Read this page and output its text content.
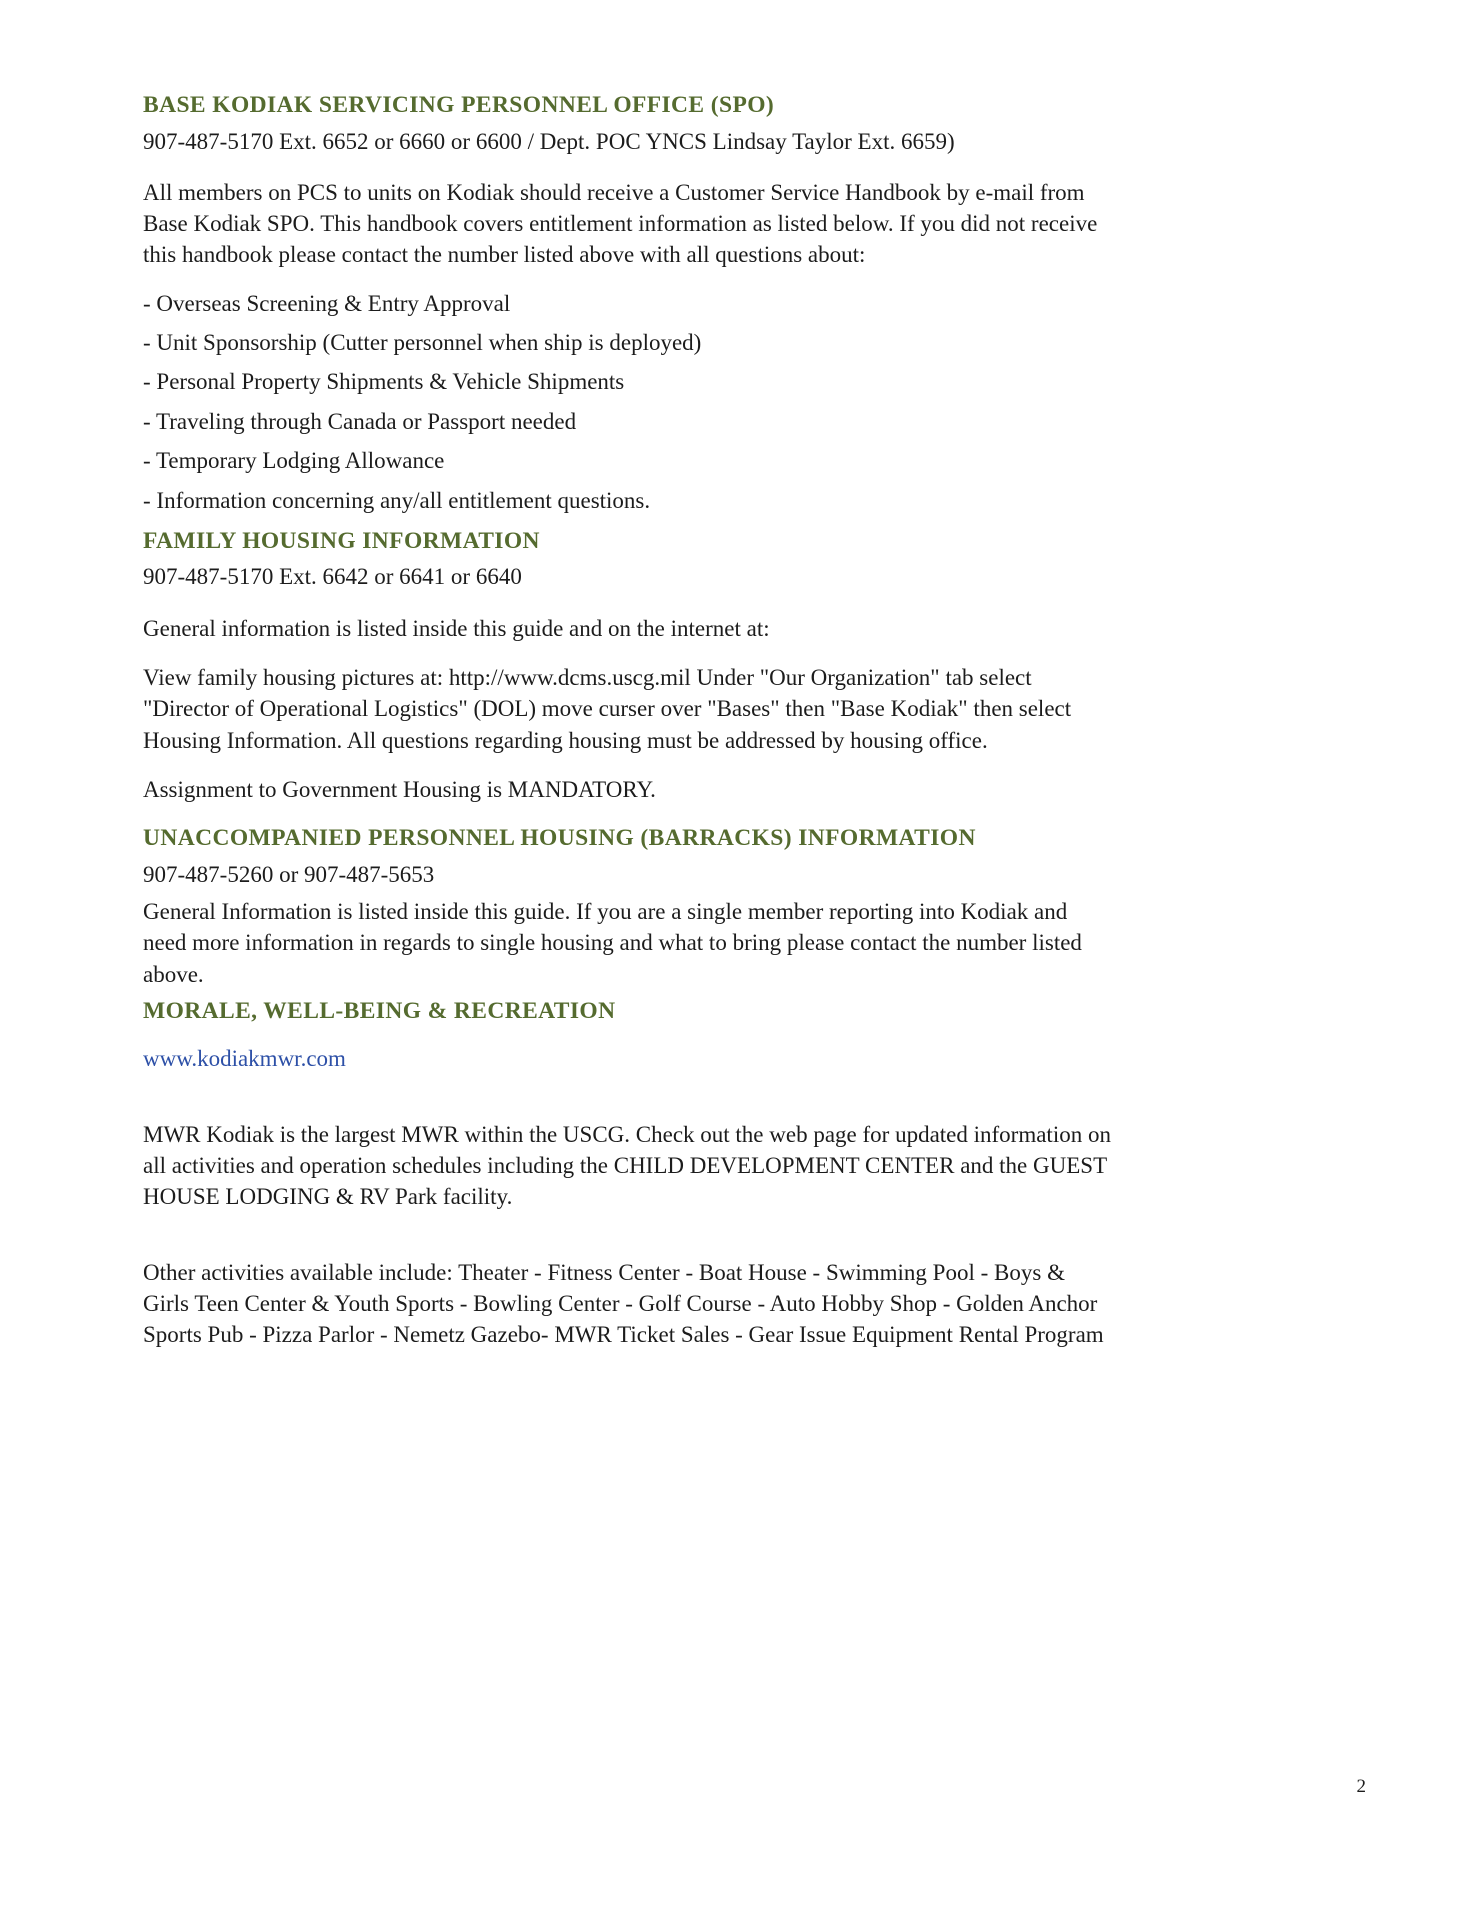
BASE KODIAK SERVICING PERSONNEL OFFICE (SPO)

907-487-5170 Ext. 6652 or 6660 or 6600 / Dept. POC YNCS Lindsay Taylor Ext. 6659)

All members on PCS to units on Kodiak should receive a Customer Service Handbook by e-mail from Base Kodiak SPO. This handbook covers entitlement information as listed below. If you did not receive this handbook please contact the number listed above with all questions about:

- Overseas Screening & Entry Approval

- Unit Sponsorship (Cutter personnel when ship is deployed)

- Personal Property Shipments & Vehicle Shipments

- Traveling through Canada or Passport needed

- Temporary Lodging Allowance

- Information concerning any/all entitlement questions.

FAMILY HOUSING INFORMATION

907-487-5170 Ext. 6642 or 6641 or 6640

General information is listed inside this guide and on the internet at:

View family housing pictures at: http://www.dcms.uscg.mil Under "Our Organization" tab select "Director of Operational Logistics" (DOL) move curser over "Bases" then "Base Kodiak" then select Housing Information. All questions regarding housing must be addressed by housing office.

Assignment to Government Housing is MANDATORY.

UNACCOMPANIED PERSONNEL HOUSING (BARRACKS) INFORMATION

907-487-5260 or 907-487-5653

General Information is listed inside this guide. If you are a single member reporting into Kodiak and need more information in regards to single housing and what to bring please contact the number listed above.

MORALE, WELL-BEING & RECREATION

www.kodiakmwr.com

MWR Kodiak is the largest MWR within the USCG. Check out the web page for updated information on all activities and operation schedules including the CHILD DEVELOPMENT CENTER and the GUEST HOUSE LODGING & RV Park facility.

Other activities available include: Theater - Fitness Center - Boat House - Swimming Pool - Boys & Girls Teen Center & Youth Sports - Bowling Center - Golf Course - Auto Hobby Shop - Golden Anchor Sports Pub - Pizza Parlor - Nemetz Gazebo- MWR Ticket Sales - Gear Issue Equipment Rental Program

2
